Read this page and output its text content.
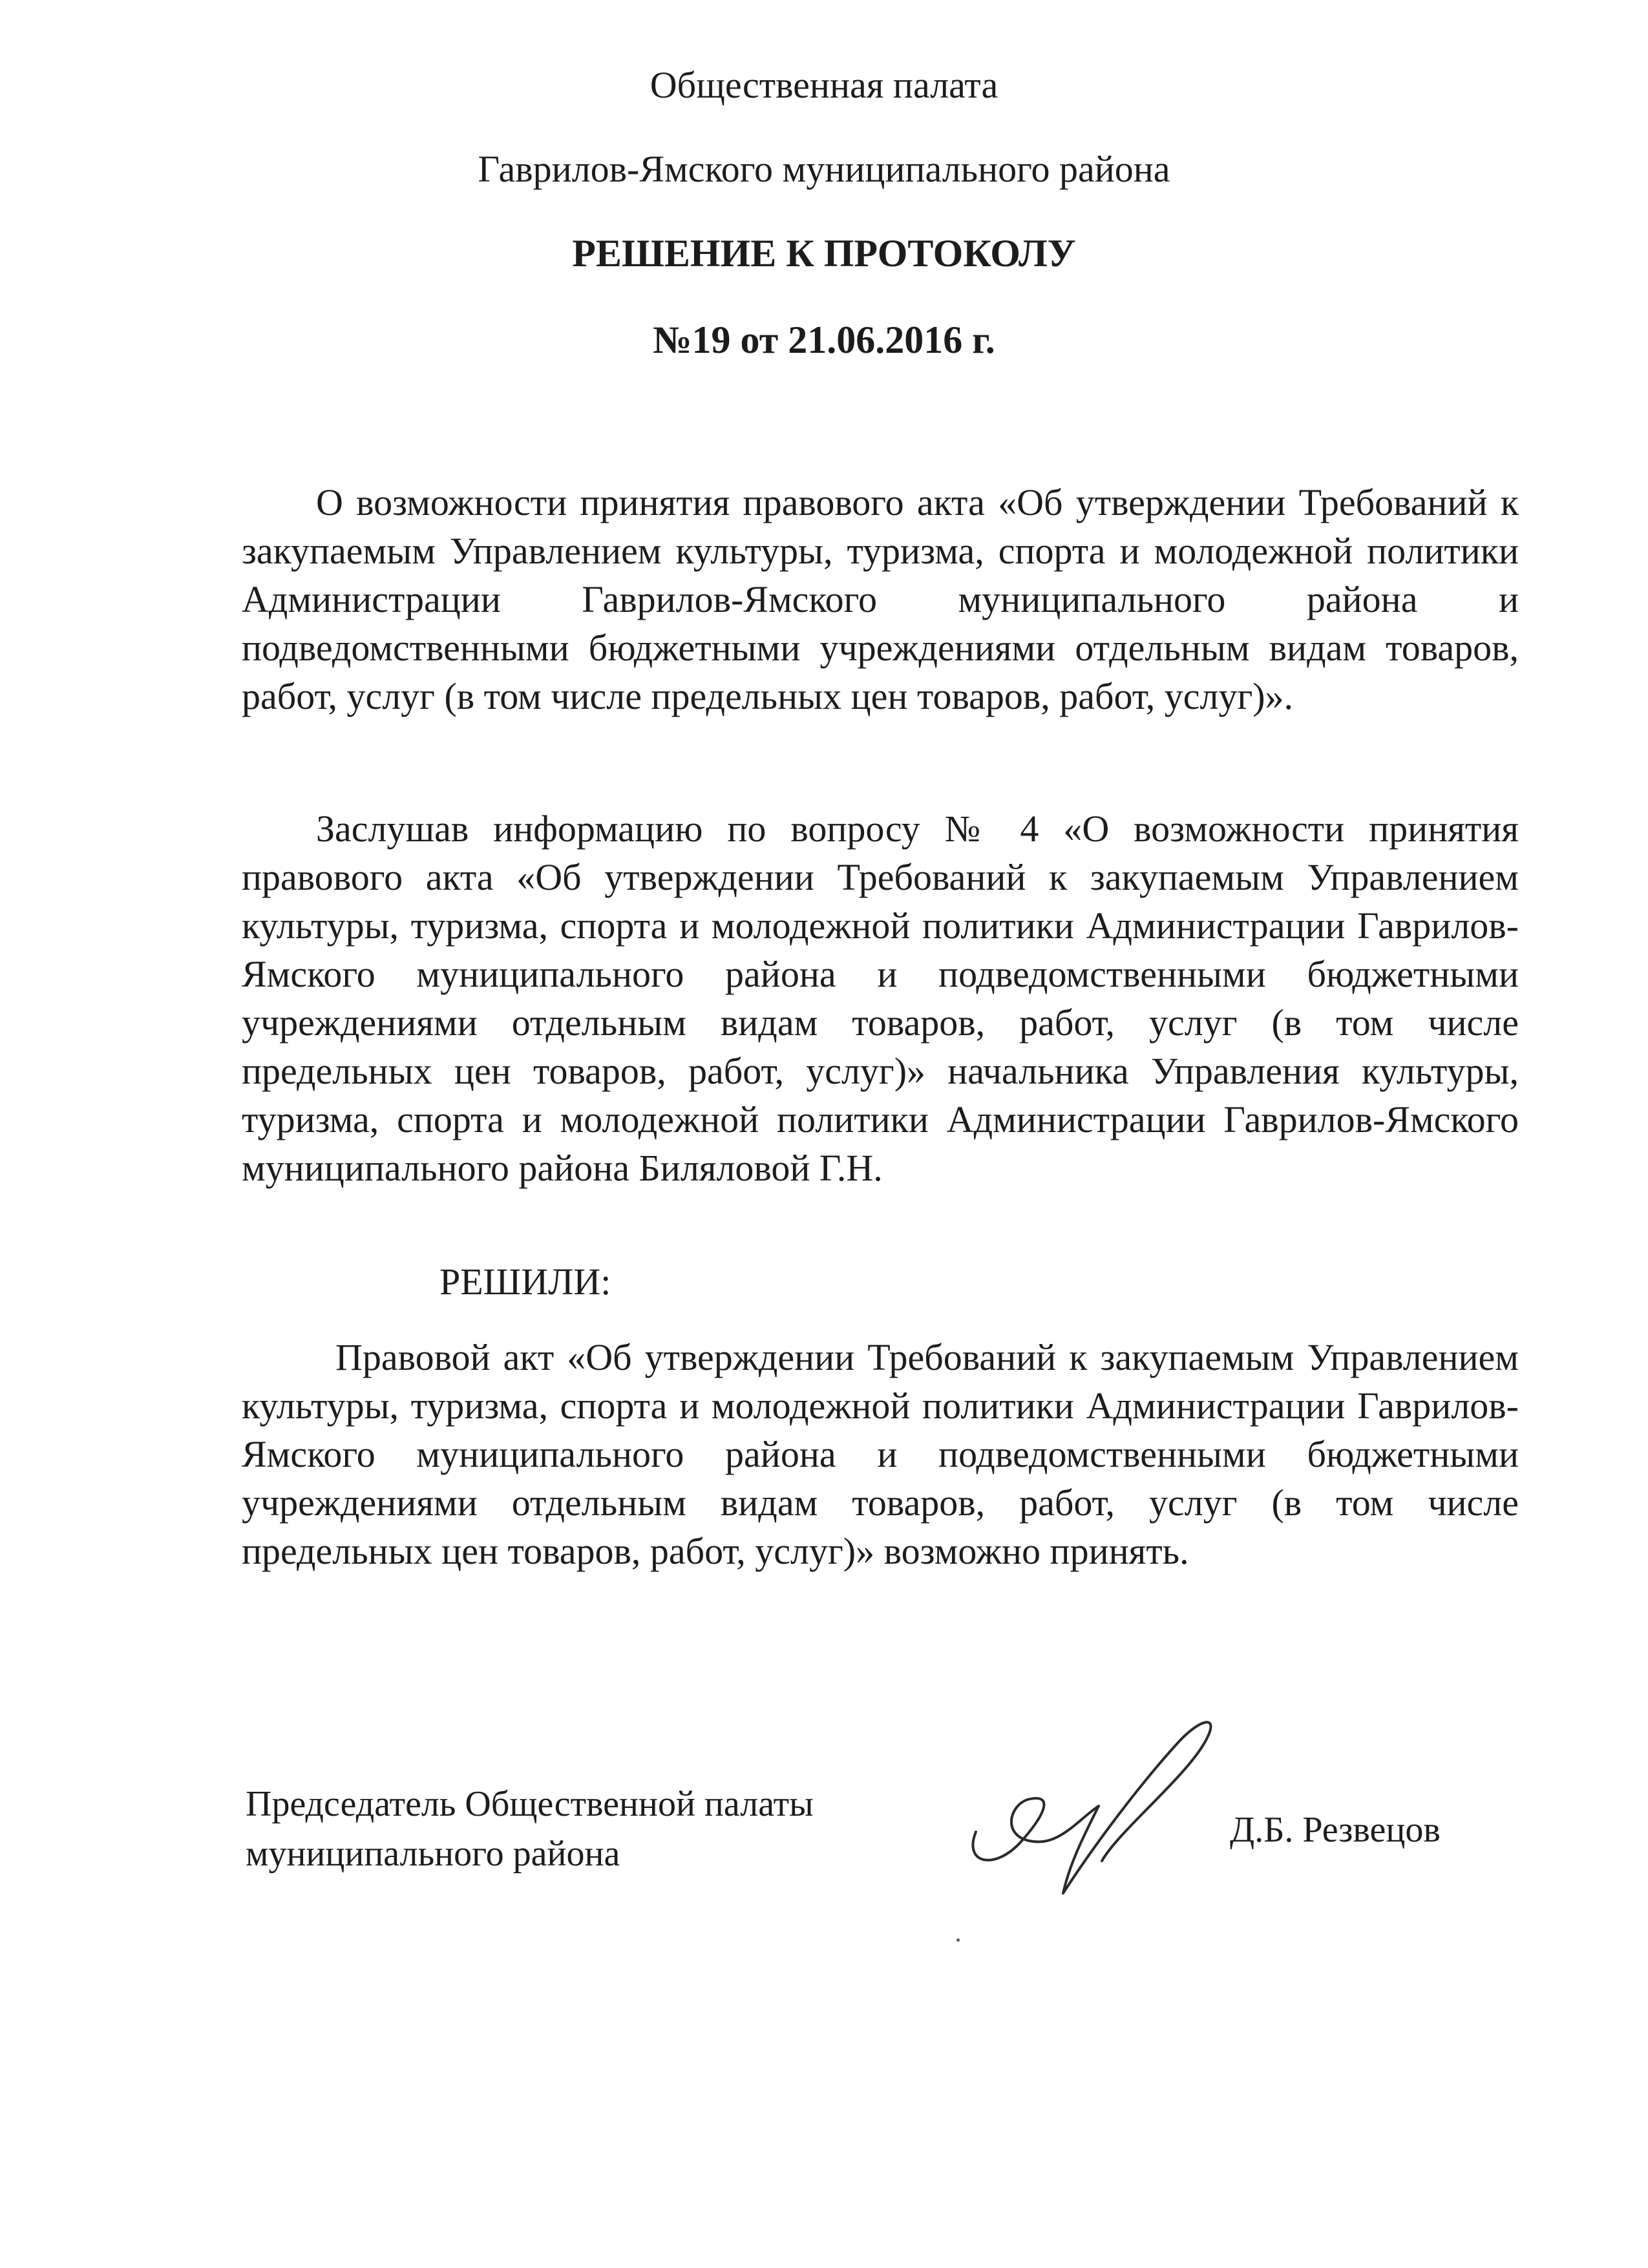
Общественная палата

Гаврилов-Ямского муниципального района

РЕШЕНИЕ К ПРОТОКОЛУ

№19 от 21.06.2016 г.

О возможности принятия правового акта «Об утверждении Требований к закупаемым Управлением культуры, туризма, спорта и молодежной политики Администрации Гаврилов-Ямского муниципального района и подведомственными бюджетными учреждениями отдельным видам товаров, работ, услуг (в том числе предельных цен товаров, работ, услуг)».

Заслушав информацию по вопросу № 4 «О возможности принятия правового акта «Об утверждении Требований к закупаемым Управлением культуры, туризма, спорта и молодежной политики Администрации Гаврилов-Ямского муниципального района и подведомственными бюджетными учреждениями отдельным видам товаров, работ, услуг (в том числе предельных цен товаров, работ, услуг)» начальника Управления культуры, туризма, спорта и молодежной политики Администрации Гаврилов-Ямского муниципального района Биляловой Г.Н.

РЕШИЛИ:

Правовой акт «Об утверждении Требований к закупаемым Управлением культуры, туризма, спорта и молодежной политики Администрации Гаврилов-Ямского муниципального района и подведомственными бюджетными учреждениями отдельным видам товаров, работ, услуг (в том числе предельных цен товаров, работ, услуг)» возможно принять.

Председатель Общественной палаты
муниципального района

Д.Б. Резвецов
